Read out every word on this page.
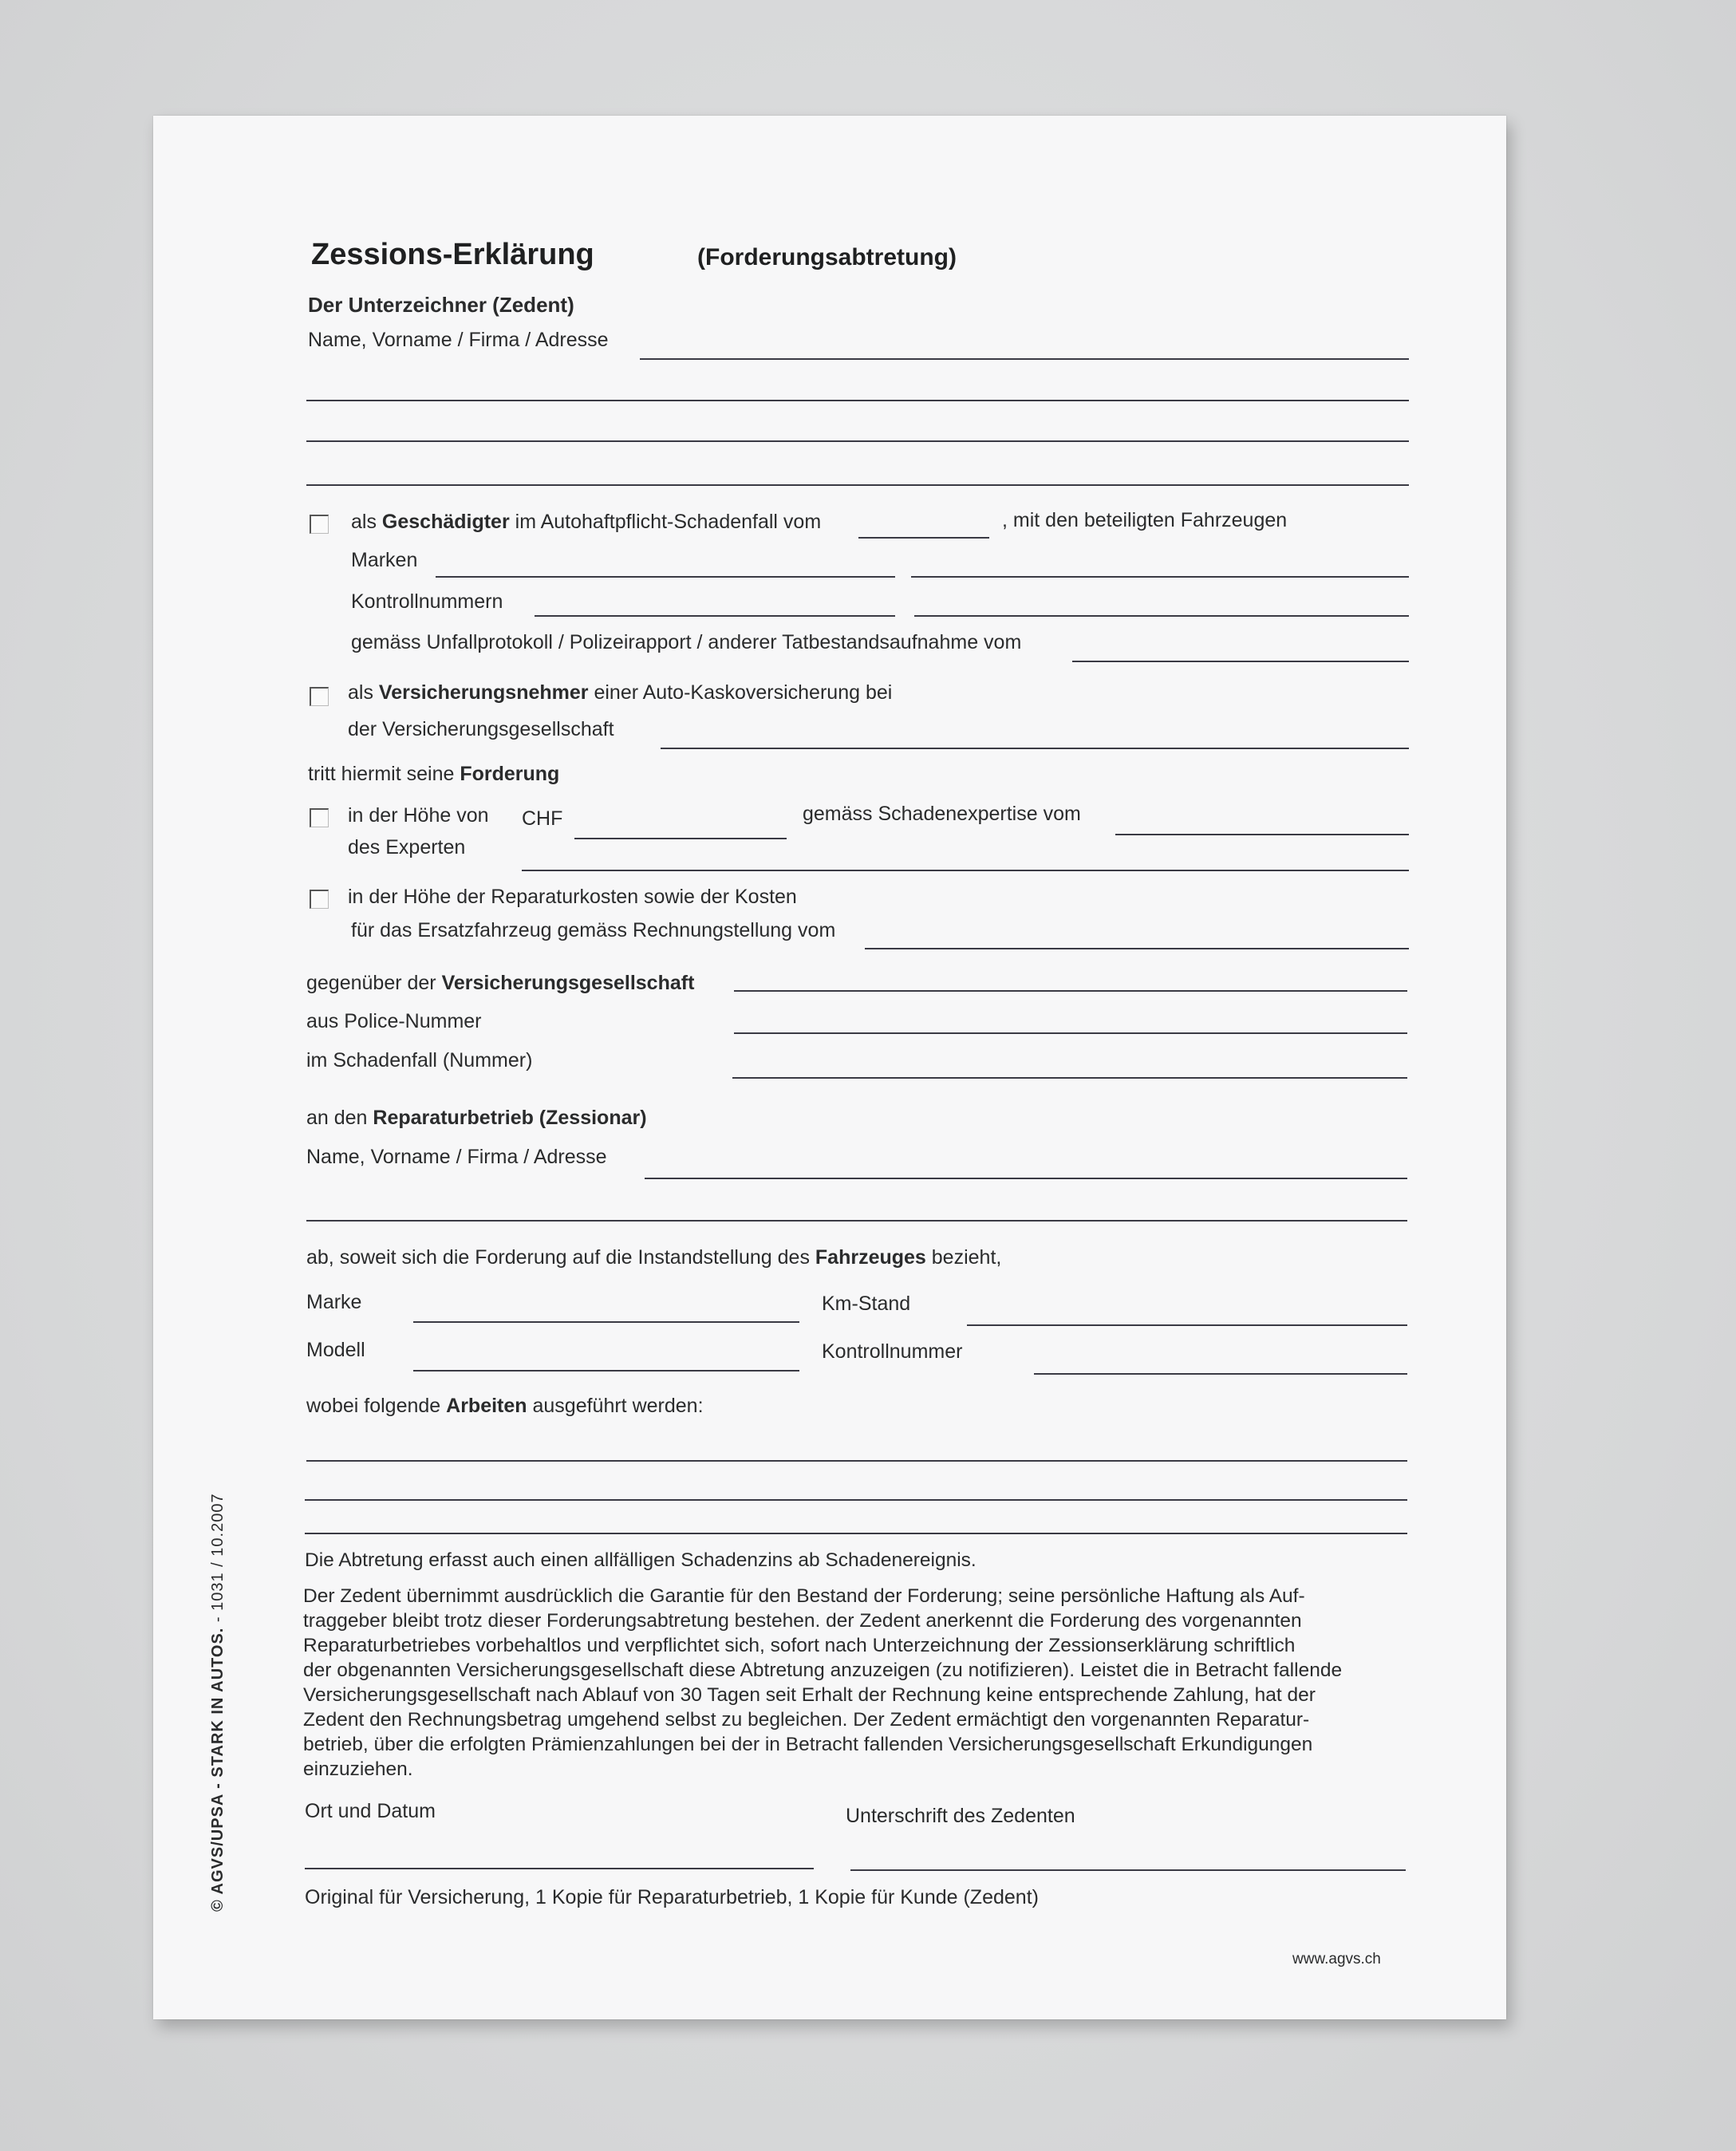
Zessions-Erklärung	(Forderungsabtretung)
Der Unterzeichner (Zedent)
Name, Vorname / Firma / Adresse
als Geschädigter im Autohaftpflicht-Schadenfall vom	, mit den beteiligten Fahrzeugen
Marken
Kontrollnummern
gemäss Unfallprotokoll / Polizeirapport / anderer Tatbestandsaufnahme vom
als Versicherungsnehmer einer Auto-Kaskoversicherung bei
der Versicherungsgesellschaft
tritt hiermit seine Forderung
in der Höhe von CHF	gemäss Schadenexpertise vom
des Experten
in der Höhe der Reparaturkosten sowie der Kosten
für das Ersatzfahrzeug gemäss Rechnungstellung vom
gegenüber der Versicherungsgesellschaft
aus Police-Nummer
im Schadenfall (Nummer)
an den Reparaturbetrieb (Zessionar)
Name, Vorname / Firma / Adresse
ab, soweit sich die Forderung auf die Instandstellung des Fahrzeuges bezieht,
Marke	Km-Stand
Modell	Kontrollnummer
wobei folgende Arbeiten ausgeführt werden:
Die Abtretung erfasst auch einen allfälligen Schadenzins ab Schadenereignis.
Der Zedent übernimmt ausdrücklich die Garantie für den Bestand der Forderung; seine persönliche Haftung als Auf-
traggeber bleibt trotz dieser Forderungsabtretung bestehen. der Zedent anerkennt die Forderung des vorgenannten
Reparaturbetriebes vorbehaltlos und verpflichtet sich, sofort nach Unterzeichnung der Zessionserklärung schriftlich
der obgenannten Versicherungsgesellschaft diese Abtretung anzuzeigen (zu notifizieren). Leistet die in Betracht fallende
Versicherungsgesellschaft nach Ablauf von 30 Tagen seit Erhalt der Rechnung keine entsprechende Zahlung, hat der
Zedent den Rechnungsbetrag umgehend selbst zu begleichen. Der Zedent ermächtigt den vorgenannten Reparatur-
betrieb, über die erfolgten Prämienzahlungen bei der in Betracht fallenden Versicherungsgesellschaft Erkundigungen
einzuziehen.
Ort und Datum	Unterschrift des Zedenten
Original für Versicherung, 1 Kopie für Reparaturbetrieb, 1 Kopie für Kunde (Zedent)
www.agvs.ch
© AGVS/UPSA - STARK IN AUTOS. - 1031 / 10.2007
